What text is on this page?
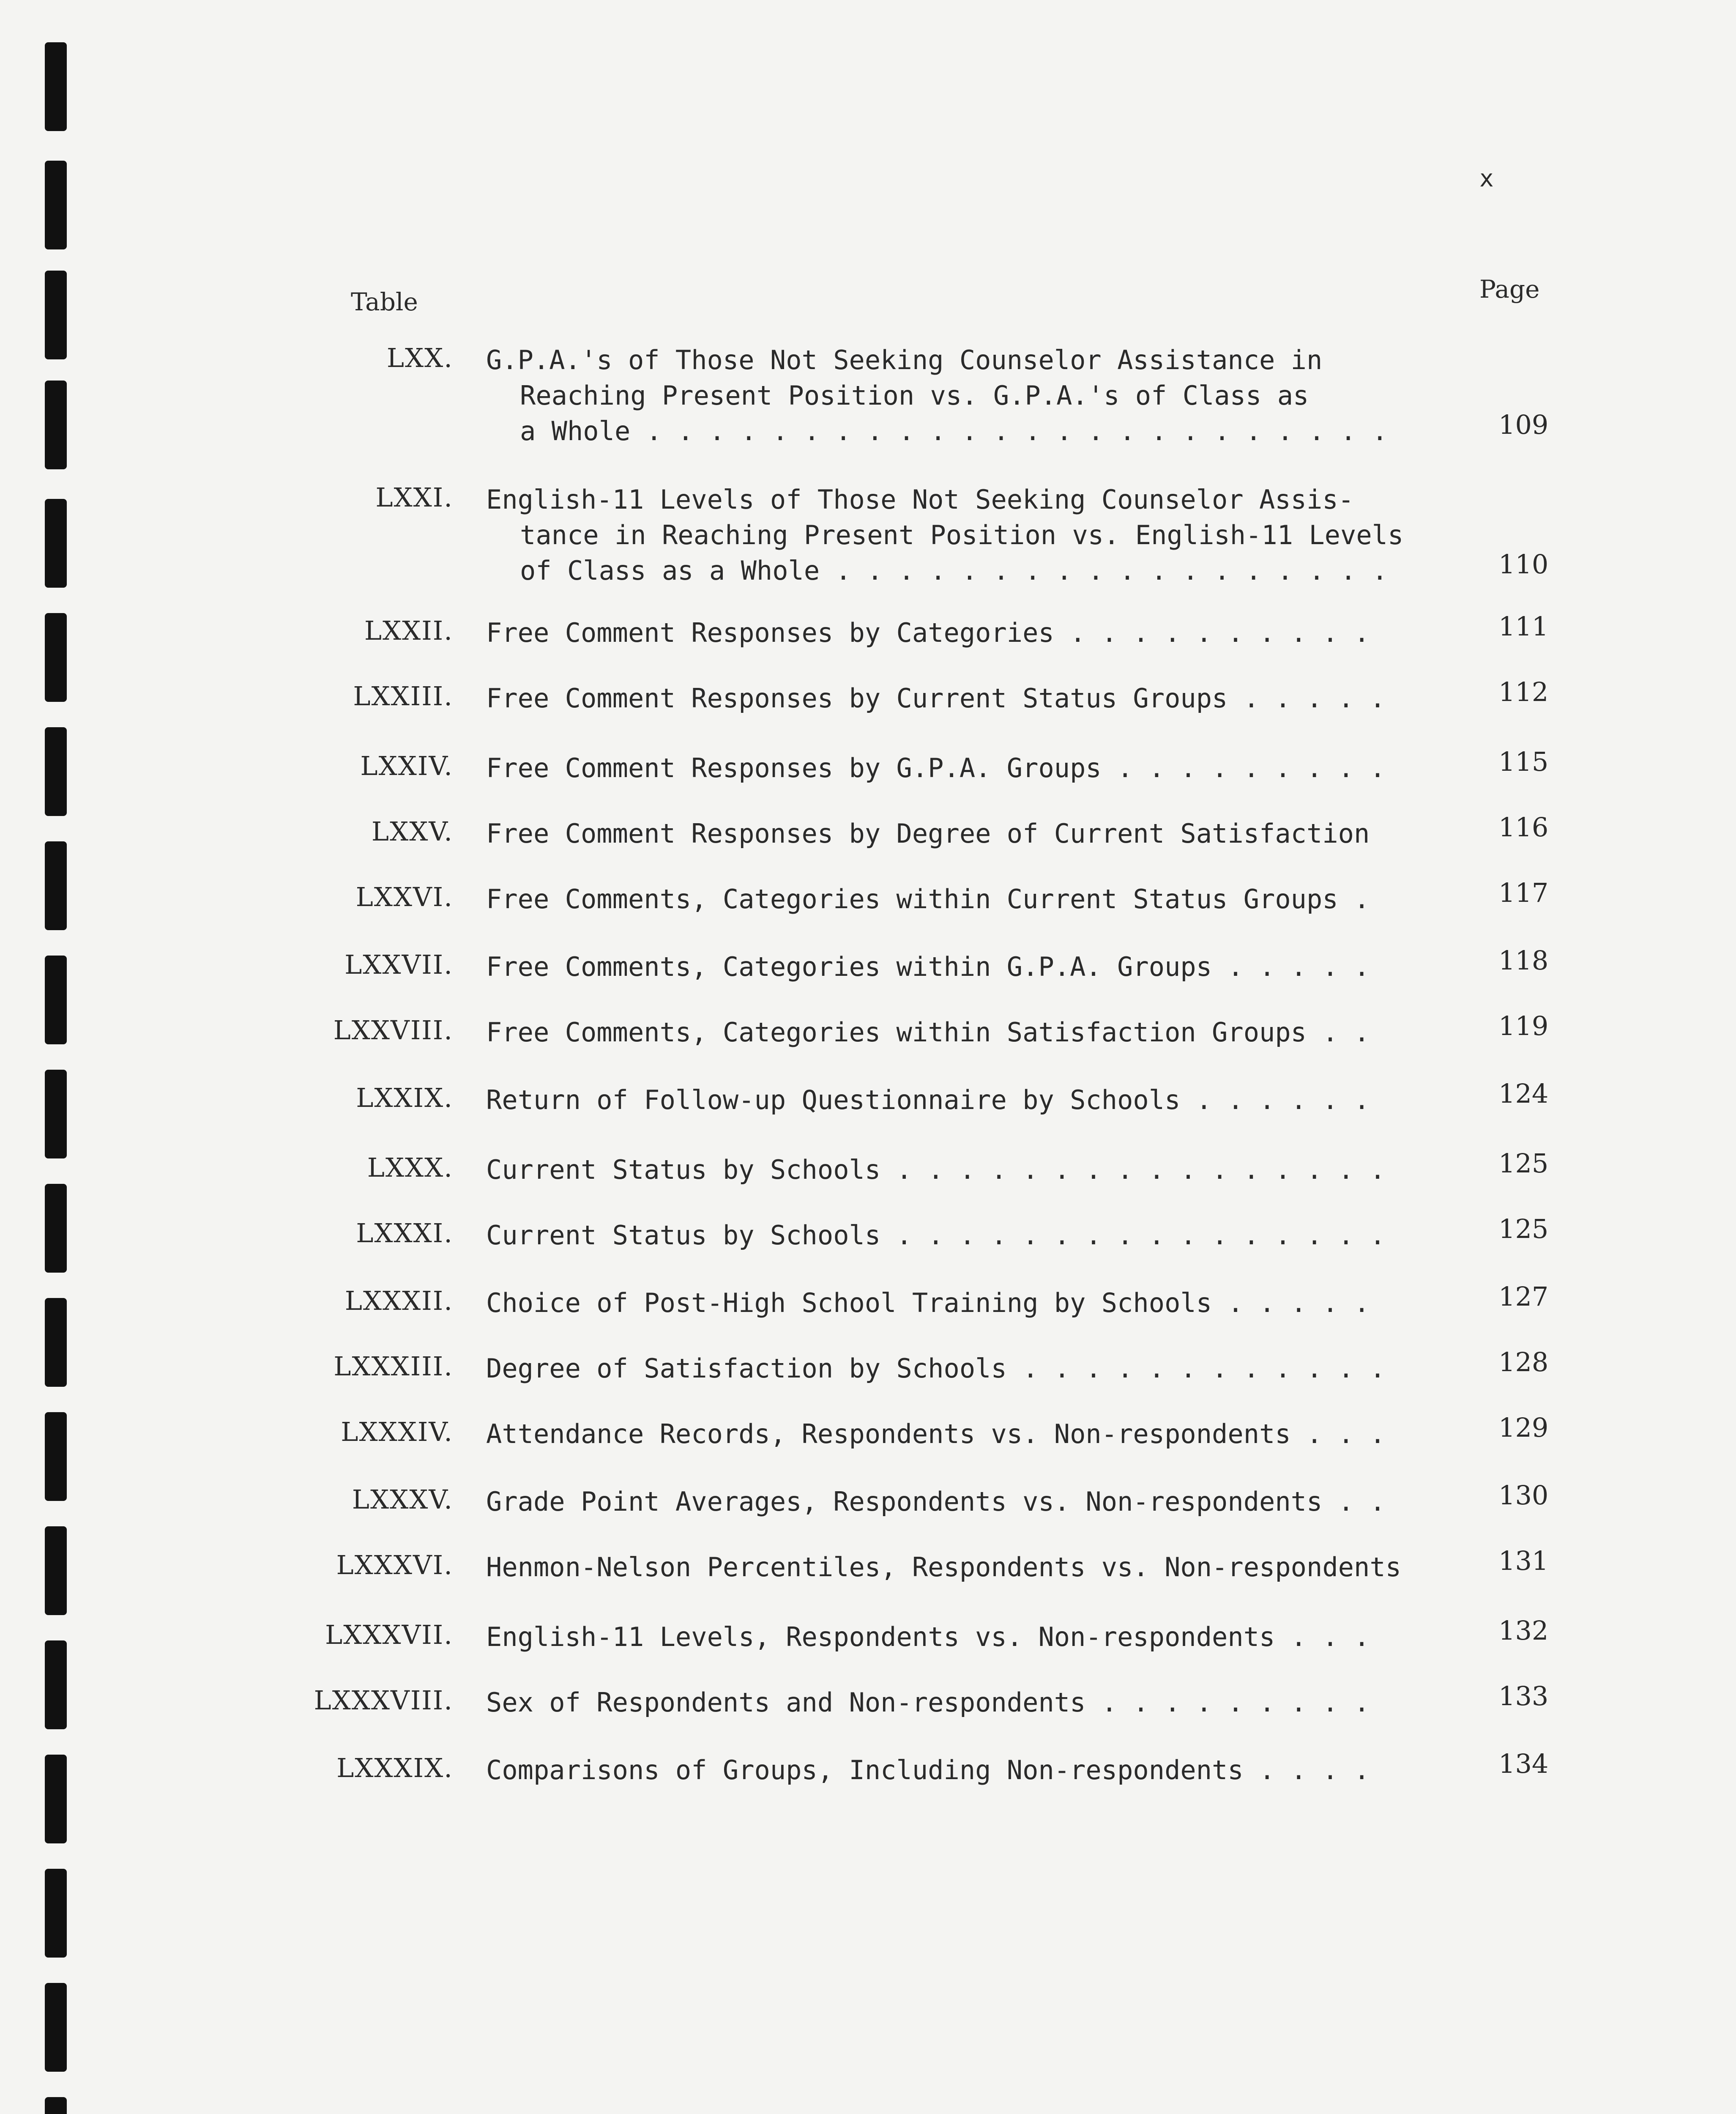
x
Table	Page
LXX. G.P.A.'s of Those Not Seeking Counselor Assistance in
Reaching Present Position vs. G.P.A.'s of Class as
a Whole . . . . . . . . . . . . . . . . . . . . . . . .	109
LXXI. English-11 Levels of Those Not Seeking Counselor Assis-
tance in Reaching Present Position vs. English-11 Levels
of Class as a Whole . . . . . . . . . . . . . . . . . .	110
LXXII. Free Comment Responses by Categories . . . . . . . . . .	111
LXXIII. Free Comment Responses by Current Status Groups . . . . .	112
LXXIV. Free Comment Responses by G.P.A. Groups . . . . . . . . .	115
LXXV. Free Comment Responses by Degree of Current Satisfaction	116
LXXVI. Free Comments, Categories within Current Status Groups .	117
LXXVII. Free Comments, Categories within G.P.A. Groups . . . . .	118
LXXVIII. Free Comments, Categories within Satisfaction Groups . .	119
LXXIX. Return of Follow-up Questionnaire by Schools . . . . . .	124
LXXX. Current Status by Schools . . . . . . . . . . . . . . . .	125
LXXXI. Current Status by Schools . . . . . . . . . . . . . . . .	125
LXXXII. Choice of Post-High School Training by Schools . . . . .	127
LXXXIII. Degree of Satisfaction by Schools . . . . . . . . . . . .	128
LXXXIV. Attendance Records, Respondents vs. Non-respondents . . .	129
LXXXV. Grade Point Averages, Respondents vs. Non-respondents . .	130
LXXXVI. Henmon-Nelson Percentiles, Respondents vs. Non-respondents	131
LXXXVII. English-11 Levels, Respondents vs. Non-respondents . . .	132
LXXXVIII. Sex of Respondents and Non-respondents . . . . . . . . .	133
LXXXIX. Comparisons of Groups, Including Non-respondents . . . .	134
